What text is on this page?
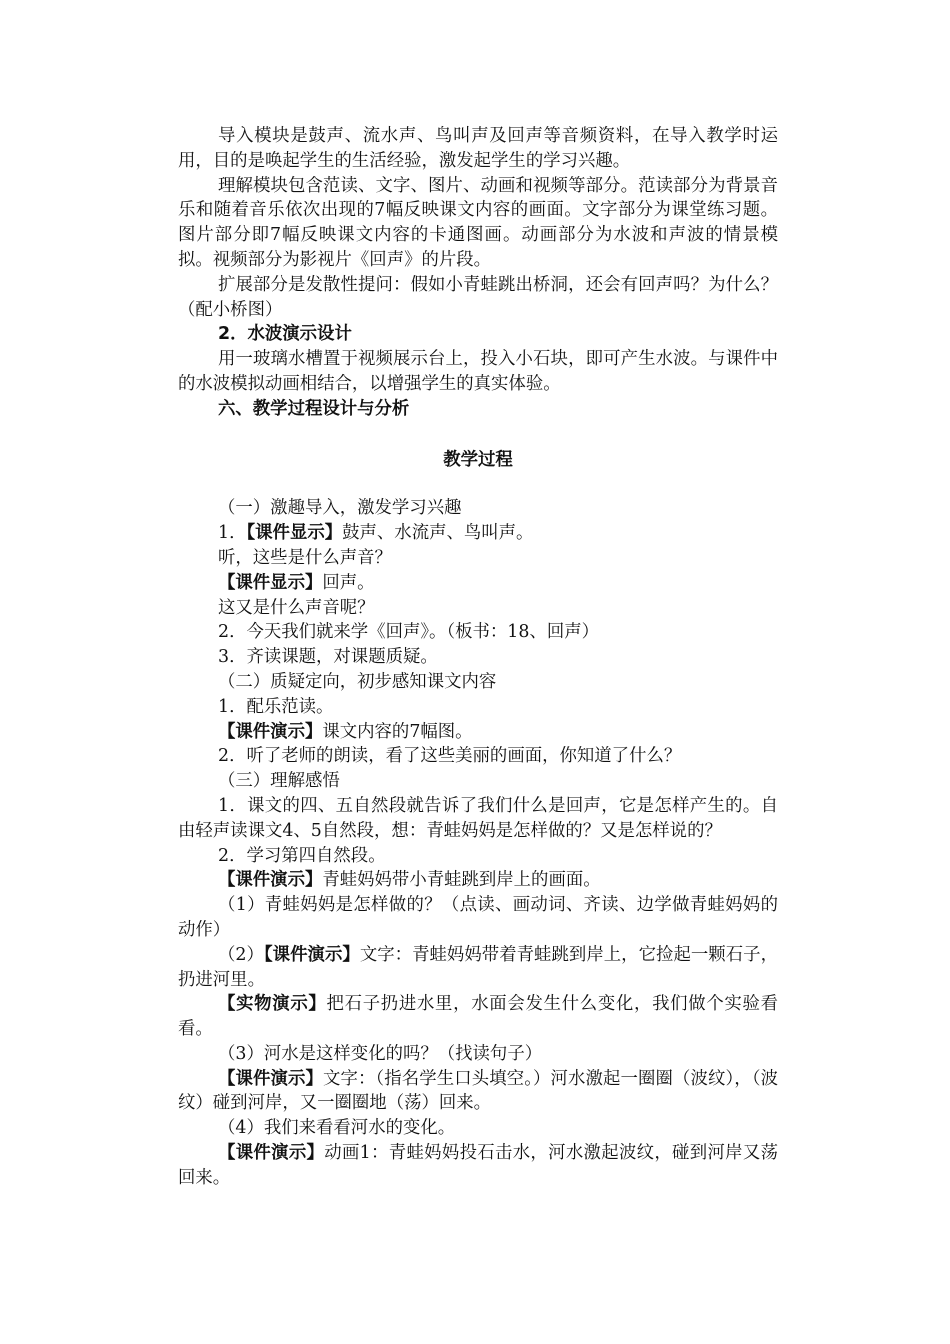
导入模块是鼓声、流水声、鸟叫声及回声等音频资料，在导入教学时运用，目的是唤起学生的生活经验，激发起学生的学习兴趣。

理解模块包含范读、文字、图片、动画和视频等部分。范读部分为背景音乐和随着音乐依次出现的7幅反映课文内容的画面。文字部分为课堂练习题。图片部分即7幅反映课文内容的卡通图画。动画部分为水波和声波的情景模拟。视频部分为影视片《回声》的片段。

扩展部分是发散性提问：假如小青蛙跳出桥洞，还会有回声吗？为什么？（配小桥图）

2．水波演示设计

用一玻璃水槽置于视频展示台上，投入小石块，即可产生水波。与课件中的水波模拟动画相结合，以增强学生的真实体验。

六、教学过程设计与分析

教学过程

（一）激趣导入，激发学习兴趣

1．【课件显示】鼓声、水流声、鸟叫声。

听，这些是什么声音？

【课件显示】回声。

这又是什么声音呢？

2．今天我们就来学《回声》。（板书：18、回声）

3．齐读课题，对课题质疑。

（二）质疑定向，初步感知课文内容

1．配乐范读。

【课件演示】课文内容的7幅图。

2．听了老师的朗读，看了这些美丽的画面，你知道了什么？

（三）理解感悟

1．课文的四、五自然段就告诉了我们什么是回声，它是怎样产生的。自由轻声读课文4、5自然段，想：青蛙妈妈是怎样做的？又是怎样说的？

2．学习第四自然段。

【课件演示】青蛙妈妈带小青蛙跳到岸上的画面。

（1）青蛙妈妈是怎样做的？（点读、画动词、齐读、边学做青蛙妈妈的动作）

（2）【课件演示】文字：青蛙妈妈带着青蛙跳到岸上，它捡起一颗石子，扔进河里。

【实物演示】把石子扔进水里，水面会发生什么变化，我们做个实验看看。

（3）河水是这样变化的吗？（找读句子）

【课件演示】文字：（指名学生口头填空。）河水激起一圈圈（波纹），（波纹）碰到河岸，又一圈圈地（荡）回来。

（4）我们来看看河水的变化。

【课件演示】动画1：青蛙妈妈投石击水，河水激起波纹，碰到河岸又荡回来。
